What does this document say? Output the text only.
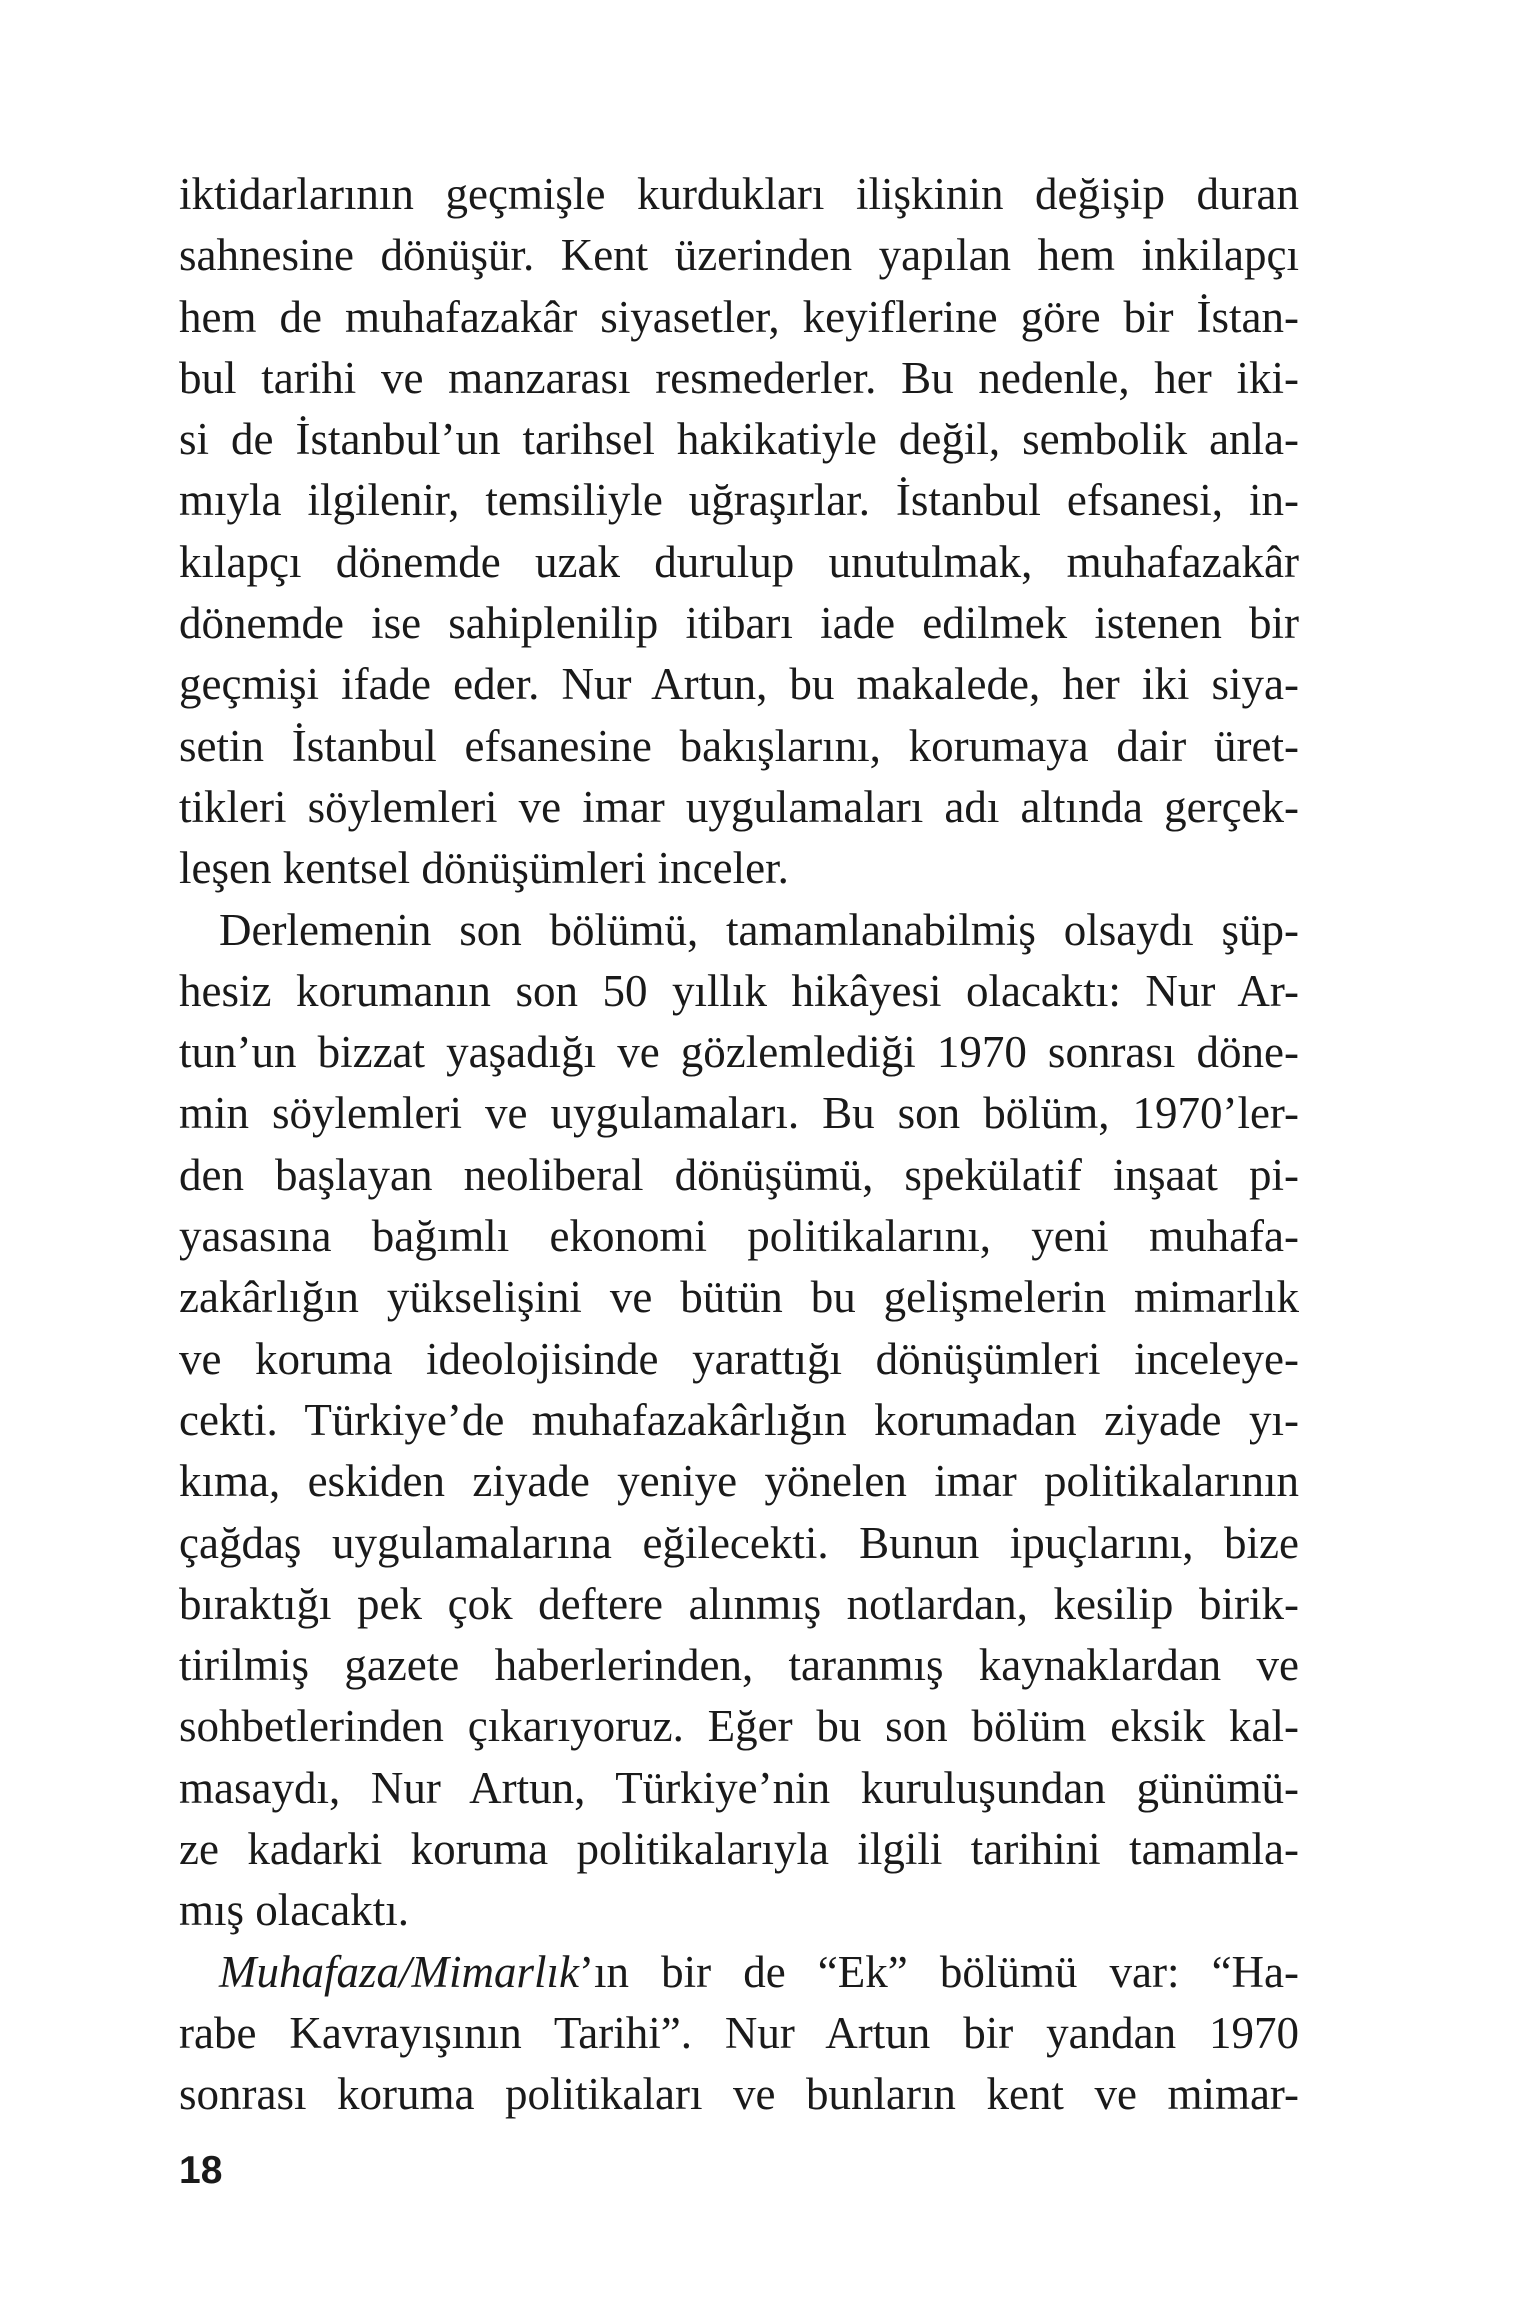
iktidarlarının geçmişle kurdukları ilişkinin değişip duran

sahnesine dönüşür. Kent üzerinden yapılan hem inkilapçı

hem de muhafazakâr siyasetler, keyiflerine göre bir İstan-

bul tarihi ve manzarası resmederler. Bu nedenle, her iki-

si de İstanbul’un tarihsel hakikatiyle değil, sembolik anla-

mıyla ilgilenir, temsiliyle uğraşırlar. İstanbul efsanesi, in-

kılapçı dönemde uzak durulup unutulmak, muhafazakâr

dönemde ise sahiplenilip itibarı iade edilmek istenen bir

geçmişi ifade eder. Nur Artun, bu makalede, her iki siya-

setin İstanbul efsanesine bakışlarını, korumaya dair üret-

tikleri söylemleri ve imar uygulamaları adı altında gerçek-

leşen kentsel dönüşümleri inceler.

Derlemenin son bölümü, tamamlanabilmiş olsaydı şüp-

hesiz korumanın son 50 yıllık hikâyesi olacaktı: Nur Ar-

tun’un bizzat yaşadığı ve gözlemlediği 1970 sonrası döne-

min söylemleri ve uygulamaları. Bu son bölüm, 1970’ler-

den başlayan neoliberal dönüşümü, spekülatif inşaat pi-

yasasına bağımlı ekonomi politikalarını, yeni muhafa-

zakârlığın yükselişini ve bütün bu gelişmelerin mimarlık

ve koruma ideolojisinde yarattığı dönüşümleri inceleye-

cekti. Türkiye’de muhafazakârlığın korumadan ziyade yı-

kıma, eskiden ziyade yeniye yönelen imar politikalarının

çağdaş uygulamalarına eğilecekti. Bunun ipuçlarını, bize

bıraktığı pek çok deftere alınmış notlardan, kesilip birik-

tirilmiş gazete haberlerinden, taranmış kaynaklardan ve

sohbetlerinden çıkarıyoruz. Eğer bu son bölüm eksik kal-

masaydı, Nur Artun, Türkiye’nin kuruluşundan günümü-

ze kadarki koruma politikalarıyla ilgili tarihini tamamla-

mış olacaktı.

Muhafaza/Mimarlık’ın bir de “Ek” bölümü var: “Ha-

rabe Kavrayışının Tarihi”. Nur Artun bir yandan 1970

sonrası koruma politikaları ve bunların kent ve mimar-

18
